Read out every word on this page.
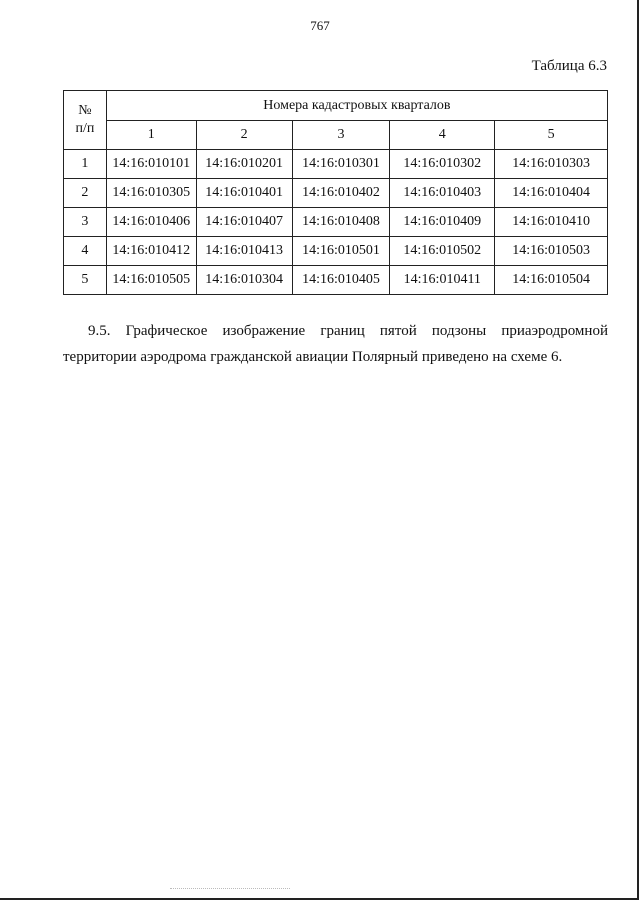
767
Таблица 6.3
№
п/п	Номера кадастровых кварталов				
	1	2	3	4	5
1	14:16:010101	14:16:010201	14:16:010301	14:16:010302	14:16:010303
2	14:16:010305	14:16:010401	14:16:010402	14:16:010403	14:16:010404
3	14:16:010406	14:16:010407	14:16:010408	14:16:010409	14:16:010410
4	14:16:010412	14:16:010413	14:16:010501	14:16:010502	14:16:010503
5	14:16:010505	14:16:010304	14:16:010405	14:16:010411	14:16:010504
9.5. Графическое изображение границ пятой подзоны приаэродромной
территории аэродрома гражданской авиации Полярный приведено на схеме 6.
